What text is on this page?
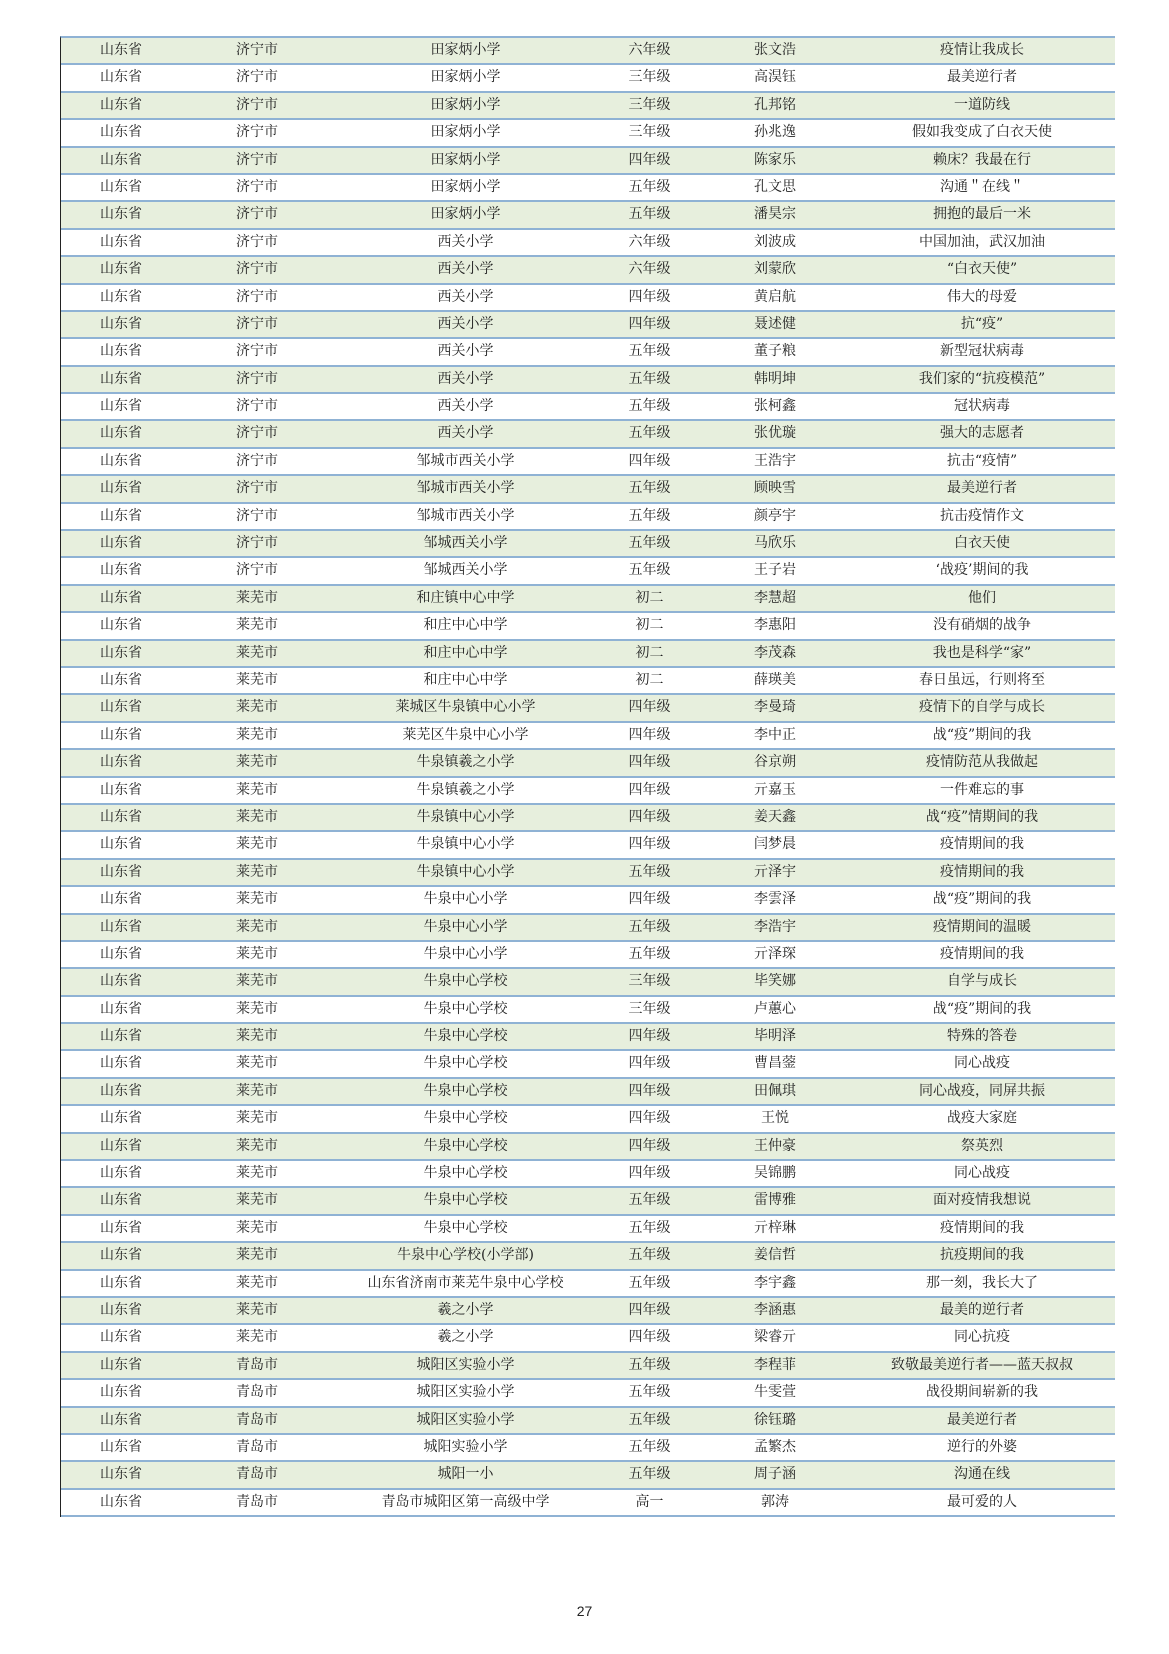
山东省	济宁市	田家炳小学	六年级	张文浩	疫情让我成长
山东省	济宁市	田家炳小学	三年级	高淏钰	最美逆行者
山东省	济宁市	田家炳小学	三年级	孔邦铭	一道防线
山东省	济宁市	田家炳小学	三年级	孙兆逸	假如我变成了白衣天使
山东省	济宁市	田家炳小学	四年级	陈家乐	赖床？我最在行
山东省	济宁市	田家炳小学	五年级	孔文思	沟通＂在线＂
山东省	济宁市	田家炳小学	五年级	潘昊宗	拥抱的最后一米
山东省	济宁市	西关小学	六年级	刘波成	中国加油，武汉加油
山东省	济宁市	西关小学	六年级	刘蒙欣	“白衣天使”
山东省	济宁市	西关小学	四年级	黄启航	伟大的母爱
山东省	济宁市	西关小学	四年级	聂述健	抗“疫”
山东省	济宁市	西关小学	五年级	董子粮	新型冠状病毒
山东省	济宁市	西关小学	五年级	韩明坤	我们家的“抗疫模范”
山东省	济宁市	西关小学	五年级	张柯鑫	冠状病毒
山东省	济宁市	西关小学	五年级	张优璇	强大的志愿者
山东省	济宁市	邹城市西关小学	四年级	王浩宇	抗击“疫情”
山东省	济宁市	邹城市西关小学	五年级	顾映雪	最美逆行者
山东省	济宁市	邹城市西关小学	五年级	颜亭宇	抗击疫情作文
山东省	济宁市	邹城西关小学	五年级	马欣乐	白衣天使
山东省	济宁市	邹城西关小学	五年级	王子岩	‘战疫’期间的我
山东省	莱芜市	和庄镇中心中学	初二	李慧超	他们
山东省	莱芜市	和庄中心中学	初二	李惠阳	没有硝烟的战争
山东省	莱芜市	和庄中心中学	初二	李茂森	我也是科学“家”
山东省	莱芜市	和庄中心中学	初二	薛瑛美	春日虽远，行则将至
山东省	莱芜市	莱城区牛泉镇中心小学	四年级	李曼琦	疫情下的自学与成长
山东省	莱芜市	莱芜区牛泉中心小学	四年级	李中正	战“疫”期间的我
山东省	莱芜市	牛泉镇羲之小学	四年级	谷京朔	疫情防范从我做起
山东省	莱芜市	牛泉镇羲之小学	四年级	亓嘉玉	一件难忘的事
山东省	莱芜市	牛泉镇中心小学	四年级	姜天鑫	战“疫”情期间的我
山东省	莱芜市	牛泉镇中心小学	四年级	闫梦晨	疫情期间的我
山东省	莱芜市	牛泉镇中心小学	五年级	亓泽宇	疫情期间的我
山东省	莱芜市	牛泉中心小学	四年级	李雲泽	战“疫”期间的我
山东省	莱芜市	牛泉中心小学	五年级	李浩宇	疫情期间的温暖
山东省	莱芜市	牛泉中心小学	五年级	亓泽琛	疫情期间的我
山东省	莱芜市	牛泉中心学校	三年级	毕笑娜	自学与成长
山东省	莱芜市	牛泉中心学校	三年级	卢蕙心	战“疫”期间的我
山东省	莱芜市	牛泉中心学校	四年级	毕明泽	特殊的答卷
山东省	莱芜市	牛泉中心学校	四年级	曹昌蓥	同心战疫
山东省	莱芜市	牛泉中心学校	四年级	田佩琪	同心战疫，同屏共振
山东省	莱芜市	牛泉中心学校	四年级	王悦	战疫大家庭
山东省	莱芜市	牛泉中心学校	四年级	王仲豪	祭英烈
山东省	莱芜市	牛泉中心学校	四年级	吴锦鹏	同心战疫
山东省	莱芜市	牛泉中心学校	五年级	雷博雅	面对疫情我想说
山东省	莱芜市	牛泉中心学校	五年级	亓梓琳	疫情期间的我
山东省	莱芜市	牛泉中心学校(小学部)	五年级	姜信哲	抗疫期间的我
山东省	莱芜市	山东省济南市莱芜牛泉中心学校	五年级	李宇鑫	那一刻，我长大了
山东省	莱芜市	羲之小学	四年级	李涵惠	最美的逆行者
山东省	莱芜市	羲之小学	四年级	梁睿亓	同心抗疫
山东省	青岛市	城阳区实验小学	五年级	李程菲	致敬最美逆行者——蓝天叔叔
山东省	青岛市	城阳区实验小学	五年级	牛雯萱	战役期间崭新的我
山东省	青岛市	城阳区实验小学	五年级	徐钰璐	最美逆行者
山东省	青岛市	城阳实验小学	五年级	孟繁杰	逆行的外婆
山东省	青岛市	城阳一小	五年级	周子涵	沟通在线
山东省	青岛市	青岛市城阳区第一高级中学	高一	郭涛	最可爱的人
27
